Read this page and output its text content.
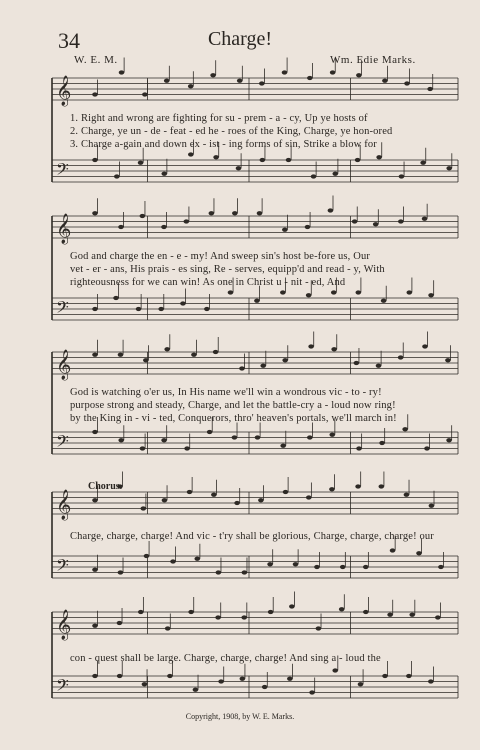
34	Charge!
W. E. M.	Wm. Edie Marks.
𝄞
𝄢
𝄞
𝄢
𝄞
𝄢
𝄞
𝄢
𝄞
𝄢
1. Right and wrong are fighting for su - prem - a - cy, Up ye hosts of
2. Charge, ye un - de - feat - ed he - roes of the King, Charge, ye hon-ored
3. Charge a-gain and down ex - ist - ing forms of sin, Strike a blow for
God and charge the en - e - my! And sweep sin's host be-fore us, Our
vet - er - ans, His prais - es sing, Re - serves, equipp'd and read - y, With
righteousness for we can win! As one in Christ u - nit - ed, And
God is watching o'er us, In His name we'll win a wondrous vic - to - ry!
purpose strong and steady, Charge, and let the battle-cry a - loud now ring!
by the King in - vi - ted, Conquerors, thro' heaven's portals, we'll march in!
Chorus.
Charge, charge, charge! And vic - t'ry shall be glorious, Charge, charge, charge! our
con - quest shall be large. Charge, charge, charge! And sing a - loud the
Copyright, 1908, by W. E. Marks.
